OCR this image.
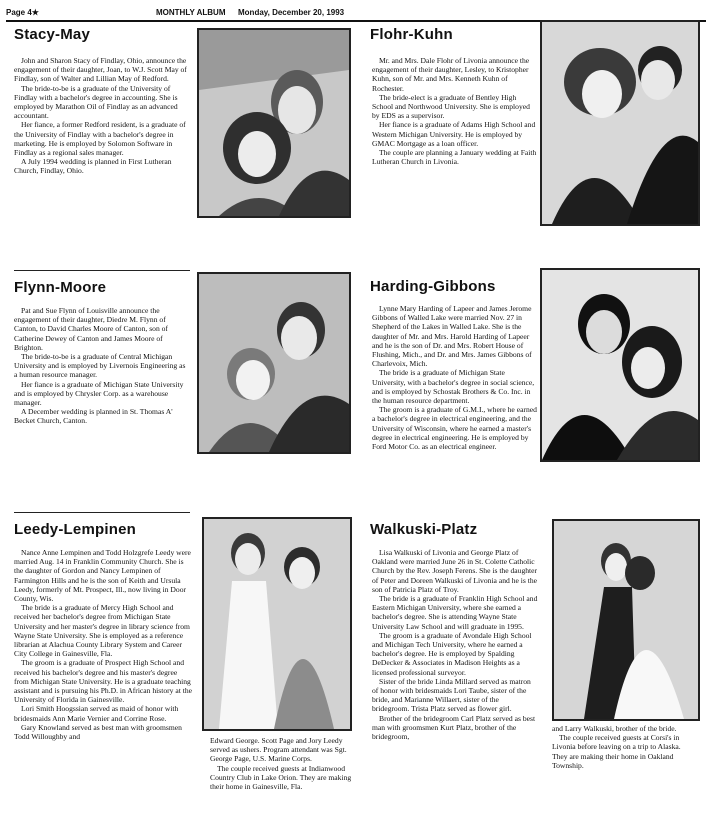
Page 4★	MONTHLY ALBUM Monday, December 20, 1993
Stacy-May

John and Sharon Stacy of Findlay, Ohio, announce the engagement of their daughter, Joan, to W.J. Scott May of Findlay, son of Walter and Lillian May of Redford.

The bride-to-be is a graduate of the University of Findlay with a bachelor's degree in accounting. She is employed by Marathon Oil of Findlay as an advanced accountant.

Her fiance, a former Redford resident, is a graduate of the University of Findlay with a bachelor's degree in marketing. He is employed by Solomon Software in Findlay as a regional sales manager.

A July 1994 wedding is planned in First Lutheran Church, Findlay, Ohio.

Flohr-Kuhn

Mr. and Mrs. Dale Flohr of Livonia announce the engagement of their daughter, Lesley, to Kristopher Kuhn, son of Mr. and Mrs. Kenneth Kuhn of Rochester.

The bride-elect is a graduate of Bentley High School and Northwood University. She is employed by EDS as a supervisor.

Her fiance is a graduate of Adams High School and Western Michigan University. He is employed by GMAC Mortgage as a loan officer.

The couple are planning a January wedding at Faith Lutheran Church in Livonia.

Flynn-Moore

Pat and Sue Flynn of Louisville announce the engagement of their daughter, Diedre M. Flynn of Canton, to David Charles Moore of Canton, son of Catherine Dewey of Canton and James Moore of Brighton.

The bride-to-be is a graduate of Central Michigan University and is employed by Livernois Engineering as a human resource manager.

Her fiance is a graduate of Michigan State University and is employed by Chrysler Corp. as a warehouse manager.

A December wedding is planned in St. Thomas A' Becket Church, Canton.

Harding-Gibbons

Lynne Mary Harding of Lapeer and James Jerome Gibbons of Walled Lake were married Nov. 27 in Shepherd of the Lakes in Walled Lake. She is the daughter of Mr. and Mrs. Harold Harding of Lapeer and he is the son of Dr. and Mrs. Robert House of Flushing, Mich., and Dr. and Mrs. James Gibbons of Charlevoix, Mich.

The bride is a graduate of Michigan State University, with a bachelor's degree in social science, and is employed by Schostak Brothers & Co. Inc. in the human resource department.

The groom is a graduate of G.M.I., where he earned a bachelor's degree in electrical engineering, and the University of Wisconsin, where he earned a master's degree in electrical engineering. He is employed by Ford Motor Co. as an electrical engineer.

Leedy-Lempinen

Nance Anne Lempinen and Todd Holzgrefe Leedy were married Aug. 14 in Franklin Community Church. She is the daughter of Gordon and Nancy Lempinen of Farmington Hills and he is the son of Keith and Ursula Leedy, formerly of Mt. Prospect, Ill., now living in Door County, Wis.

The bride is a graduate of Mercy High School and received her bachelor's degree from Michigan State University and her master's degree in library science from Wayne State University. She is employed as a reference librarian at Alachua County Library System and Career City College in Gainesville, Fla.

The groom is a graduate of Prospect High School and received his bachelor's degree and his master's degree from Michigan State University. He is a graduate teaching assistant and is pursuing his Ph.D. in African history at the University of Florida in Gainesville.

Lori Smith Hoogssian served as maid of honor with bridesmaids Ann Marie Vernier and Corrine Rose.

Gary Knowland served as best man with groomsmen Todd Willoughby and	Edward George. Scott Page and Jory Leedy served as ushers. Program attendant was Sgt. George Page, U.S. Marine Corps.

The couple received guests at Indianwood Country Club in Lake Orion. They are making their home in Gainesville, Fla.

Walkuski-Platz

Lisa Walkuski of Livonia and George Platz of Oakland were married June 26 in St. Colette Catholic Church by the Rev. Joseph Ferens. She is the daughter of Peter and Doreen Walkuski of Livonia and he is the son of Patricia Platz of Troy.

The bride is a graduate of Franklin High School and Eastern Michigan University, where she earned a bachelor's degree. She is attending Wayne State University Law School and will graduate in 1995.

The groom is a graduate of Avondale High School and Michigan Tech University, where he earned a bachelor's degree. He is employed by Spalding DeDecker & Associates in Madison Heights as a licensed professional surveyor.

Sister of the bride Linda Millard served as matron of honor with bridesmaids Lori Taube, sister of the bride, and Marianne Willaert, sister of the bridegroom. Trista Platz served as flower girl.

Brother of the bridegroom Carl Platz served as best man with groomsmen Kurt Platz, brother of the bridegroom,

and Larry Walkuski, brother of the bride.

The couple received guests at Corsi's in Livonia before leaving on a trip to Alaska. They are making their home in Oakland Township.
